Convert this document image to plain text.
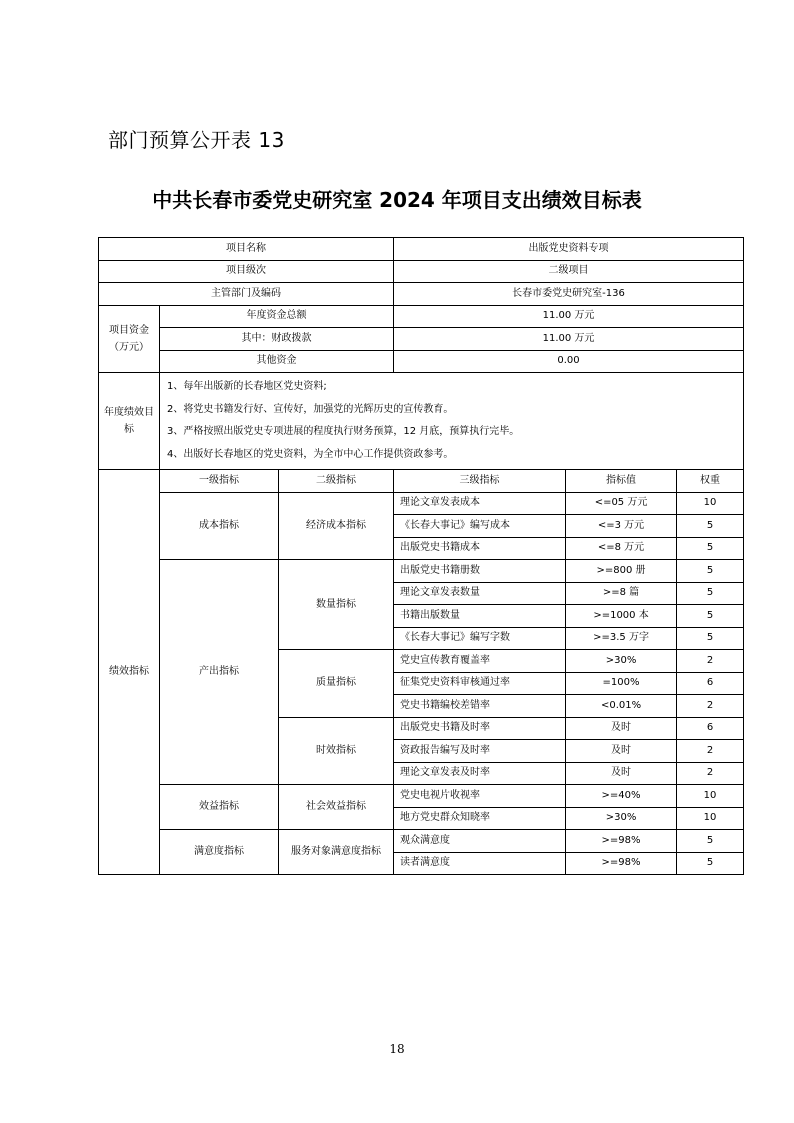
部门预算公开表 13
中共长春市委党史研究室 2024 年项目支出绩效目标表
项目名称			出版党史资料专项		
项目级次			二级项目		
主管部门及编码			长春市委党史研究室-136		
项目资金（万元）	年度资金总额		11.00 万元		
	其中：财政拨款		11.00 万元		
	其他资金		0.00		
年度绩效目标	1、每年出版新的长春地区党史资料;
2、将党史书籍发行好、宣传好，加强党的光辉历史的宣传教育。
3、严格按照出版党史专项进展的程度执行财务预算，12 月底，预算执行完毕。
4、出版好长春地区的党史资料，为全市中心工作提供资政参考。				

绩效指标	一级指标	二级指标	三级指标	指标值	权重
	成本指标	经济成本指标	理论文章发表成本	<=05 万元	10
			《长春大事记》编写成本	<=3 万元	5
			出版党史书籍成本	<=8 万元	5
	产出指标	数量指标	出版党史书籍册数	>=800 册	5
			理论文章发表数量	>=8 篇	5
			书籍出版数量	>=1000 本	5
			《长春大事记》编写字数	>=3.5 万字	5
		质量指标	党史宣传教育覆盖率	>30%	2
			征集党史资料审核通过率	=100%	6
			党史书籍编校差错率	<0.01%	2
		时效指标	出版党史书籍及时率	及时	6
			资政报告编写及时率	及时	2
			理论文章发表及时率	及时	2
	效益指标	社会效益指标	党史电视片收视率	>=40%	10
			地方党史群众知晓率	>30%	10
	满意度指标	服务对象满意度指标	观众满意度	>=98%	5
			读者满意度	>=98%	5
18
